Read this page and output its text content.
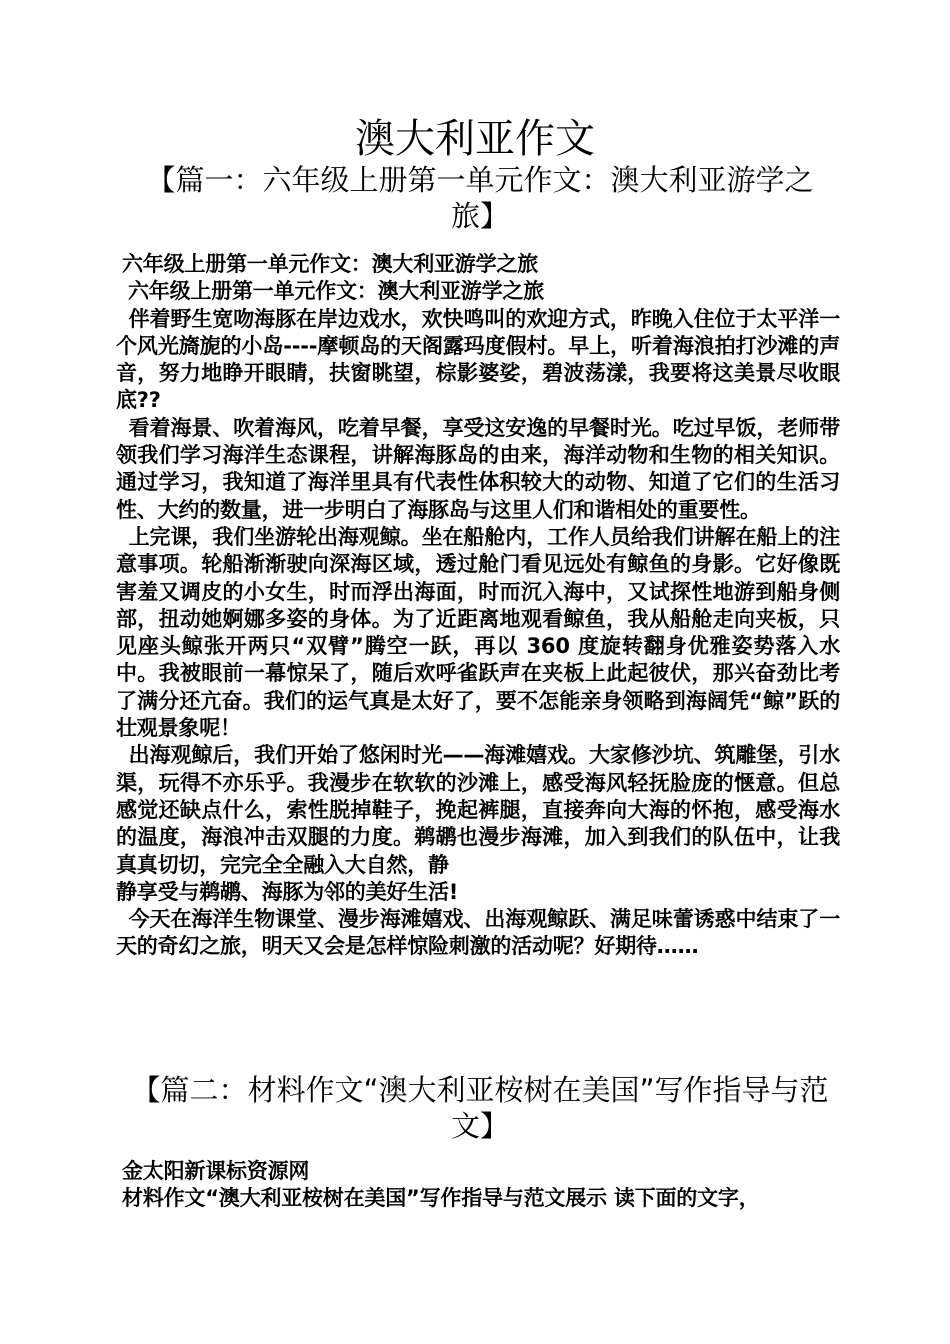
澳大利亚作文
【篇一：六年级上册第一单元作文：澳大利亚游学之
旅】
六年级上册第一单元作文：澳大利亚游学之旅
六年级上册第一单元作文：澳大利亚游学之旅

伴着野生宽吻海豚在岸边戏水，欢快鸣叫的欢迎方式，昨晚入住位于太平洋一个风光旖旎的小岛----摩顿岛的天阁露玛度假村。早上，听着海浪拍打沙滩的声音，努力地睁开眼睛，扶窗眺望，棕影婆娑，碧波荡漾，我要将这美景尽收眼底??

看着海景、吹着海风，吃着早餐，享受这安逸的早餐时光。吃过早饭，老师带领我们学习海洋生态课程，讲解海豚岛的由来，海洋动物和生物的相关知识。通过学习，我知道了海洋里具有代表性体积较大的动物、知道了它们的生活习性、大约的数量，进一步明白了海豚岛与这里人们和谐相处的重要性。

上完课，我们坐游轮出海观鲸。坐在船舱内，工作人员给我们讲解在船上的注意事项。轮船渐渐驶向深海区域，透过舱门看见远处有鲸鱼的身影。它好像既害羞又调皮的小女生，时而浮出海面，时而沉入海中，又试探性地游到船身侧部，扭动她婀娜多姿的身体。为了近距离地观看鲸鱼，我从船舱走向夹板，只见座头鲸张开两只“双臂”腾空一跃，再以 360 度旋转翻身优雅姿势落入水中。我被眼前一幕惊呆了，随后欢呼雀跃声在夹板上此起彼伏，那兴奋劲比考了满分还亢奋。我们的运气真是太好了，要不怎能亲身领略到海阔凭“鲸”跃的壮观景象呢！

出海观鲸后，我们开始了悠闲时光——海滩嬉戏。大家修沙坑、筑雕堡，引水渠，玩得不亦乐乎。我漫步在软软的沙滩上，感受海风轻抚脸庞的惬意。但总感觉还缺点什么，索性脱掉鞋子，挽起裤腿，直接奔向大海的怀抱，感受海水的温度，海浪冲击双腿的力度。鹈鹕也漫步海滩，加入到我们的队伍中，让我真真切切，完完全全融入大自然，静

静享受与鹈鹕、海豚为邻的美好生活!

今天在海洋生物课堂、漫步海滩嬉戏、出海观鲸跃、满足味蕾诱惑中结束了一天的奇幻之旅，明天又会是怎样惊险刺激的活动呢？好期待……

【篇二：材料作文“澳大利亚桉树在美国”写作指导与范
文】
金太阳新课标资源网
材料作文“澳大利亚桉树在美国”写作指导与范文展示 读下面的文字，
